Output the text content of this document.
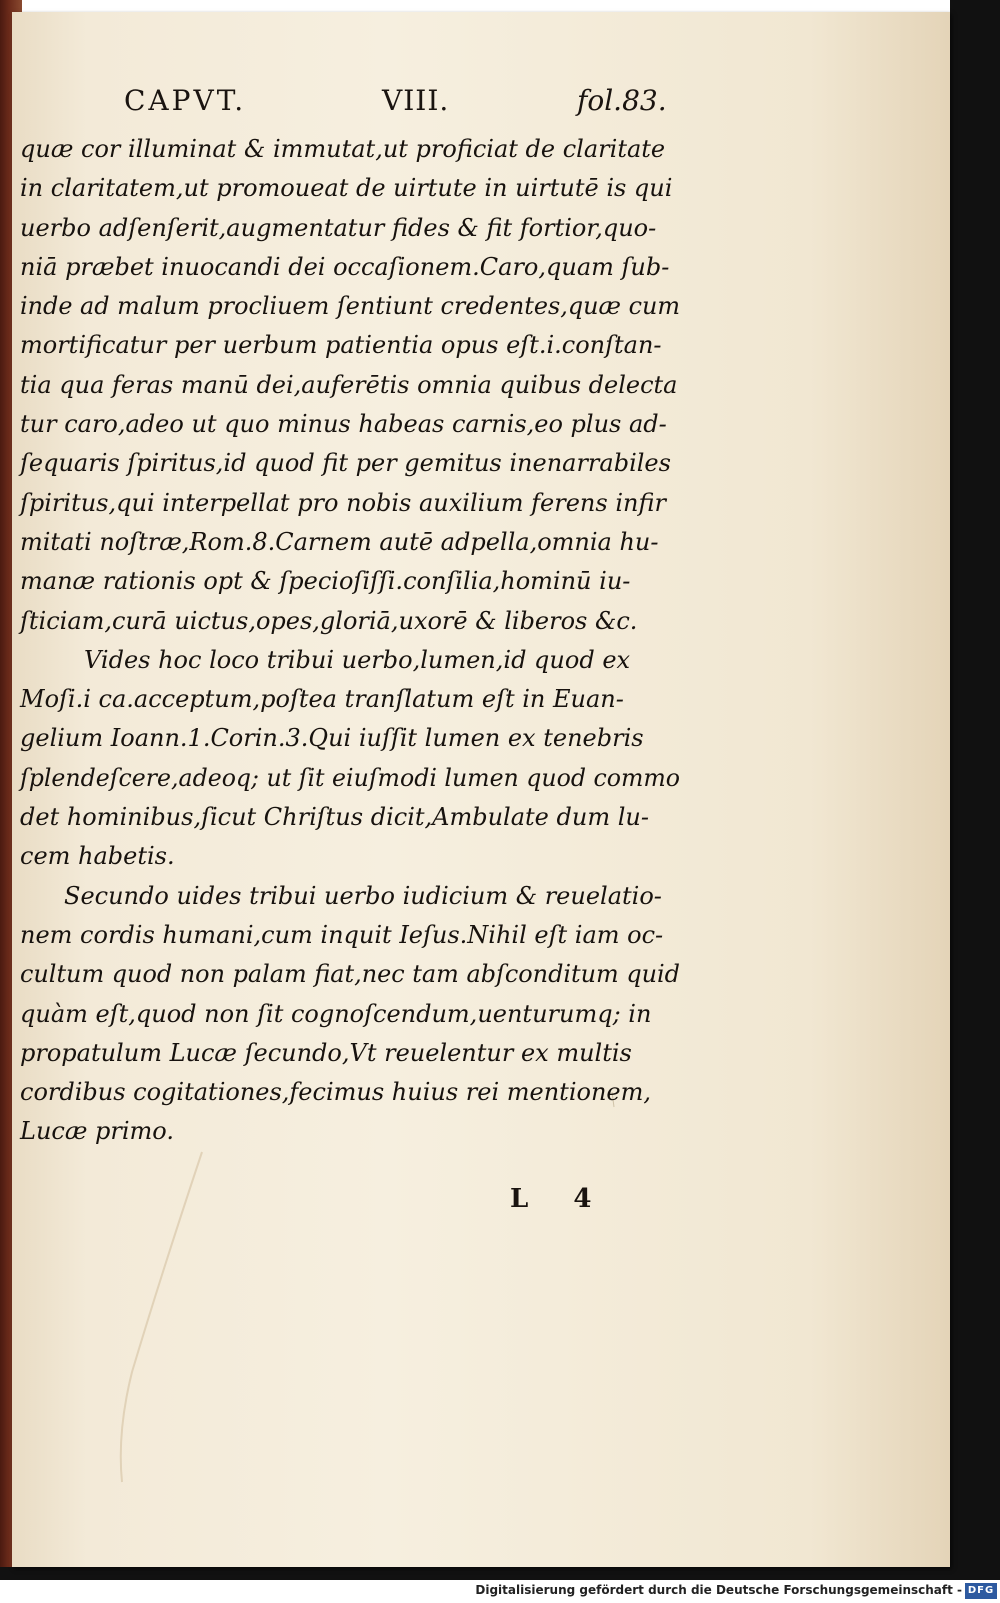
CAPVT.	VIII.	fol.83.
quæ cor illuminat & immutat,ut proficiat de claritate
in claritatem,ut promoueat de uirtute in uirtutē is qui
uerbo adſenſerit,augmentatur fides & fit fortior,quo-
niā præbet inuocandi dei occaſionem.Caro,quam ſub-
inde ad malum procliuem ſentiunt credentes,quæ cum
mortificatur per uerbum patientia opus eſt.i.conſtan-
tia qua feras manū dei,auferētis omnia quibus delecta
tur caro,adeo ut quo minus habeas carnis,eo plus ad-
ſequaris ſpiritus,id quod fit per gemitus inenarrabiles
ſpiritus,qui interpellat pro nobis auxilium ferens infir
mitati noſtræ,Rom.8.Carnem autē adpella,omnia hu-
manæ rationis opt & ſpecioſiſſi.conſilia,hominū iu-
ſticiam,curā uictus,opes,gloriā,uxorē & liberos &c.
Vides hoc loco tribui uerbo,lumen,id quod ex
Moſi.i ca.acceptum,poſtea tranſlatum eſt in Euan-
gelium Ioann.1.Corin.3.Qui iuſſit lumen ex tenebris
ſplendeſcere,adeoq; ut ſit eiuſmodi lumen quod commo
det hominibus,ſicut Chriſtus dicit,Ambulate dum lu-
cem habetis.
Secundo uides tribui uerbo iudicium & reuelatio-
nem cordis humani,cum inquit Ieſus.Nihil eſt iam oc-
cultum quod non palam fiat,nec tam abſconditum quid
quàm eſt,quod non ſit cognoſcendum,uenturumq; in
propatulum Lucæ ſecundo,Vt reuelentur ex multis
cordibus cogitationes,fecimus huius rei mentionem,
Lucæ primo.
L 4
Digitalisierung gefördert durch die Deutsche Forschungsgemeinschaft - DFG
